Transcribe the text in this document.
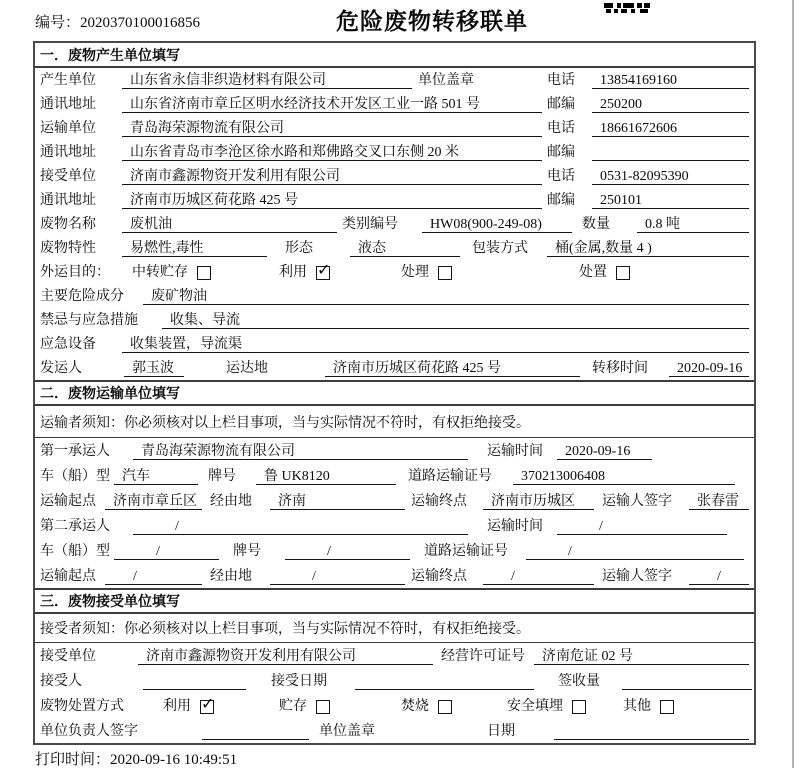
编号：2020370100016856	危险废物转移联单
一．废物产生单位填写
产生单位	山东省永信非织造材料有限公司	单位盖章	电话	13854169160
通讯地址	山东省济南市章丘区明水经济技术开发区工业一路 501 号	邮编	250200
运输单位	青岛海荣源物流有限公司	电话	18661672606
通讯地址	山东省青岛市李沧区徐水路和郑佛路交叉口东侧 20 米	邮编
接受单位	济南市鑫源物资开发利用有限公司	电话	0531-82095390
通讯地址	济南市历城区荷花路 425 号	邮编	250101
废物名称	废机油	类别编号	HW08(900-249-08)	数量	0.8 吨
废物特性	易燃性,毒性	形态	液态	包装方式	桶(金属,数量 4 )
外运目的：	中转贮存	利用 ✓	处理	处置
主要危险成分	废矿物油
禁忌与应急措施	收集、导流
应急设备	收集装置，导流渠
发运人	郭玉波	运达地	济南市历城区荷花路 425 号	转移时间	2020-09-16
二．废物运输单位填写
运输者须知：你必须核对以上栏目事项，当与实际情况不符时，有权拒绝接受。
第一承运人	青岛海荣源物流有限公司	运输时间	2020-09-16
车（船）型 汽车	牌号	鲁 UK8120	道路运输证号	370213006408
运输起点	济南市章丘区 经由地	济南	运输终点	济南市历城区	运输人签字	张春雷
第二承运人	/	运输时间	/
车（船）型	/	牌号	/	道路运输证号	/
运输起点	/	经由地	/	运输终点	/	运输人签字	/
三．废物接受单位填写
接受者须知：你必须核对以上栏目事项，当与实际情况不符时，有权拒绝接受。
接受单位	济南市鑫源物资开发利用有限公司	经营许可证号	济南危证 02 号
接受人	接受日期	签收量
废物处置方式	利用 ✓	贮存	焚烧	安全填埋	其他
单位负责人签字	单位盖章	日期
打印时间：2020-09-16 10:49:51
